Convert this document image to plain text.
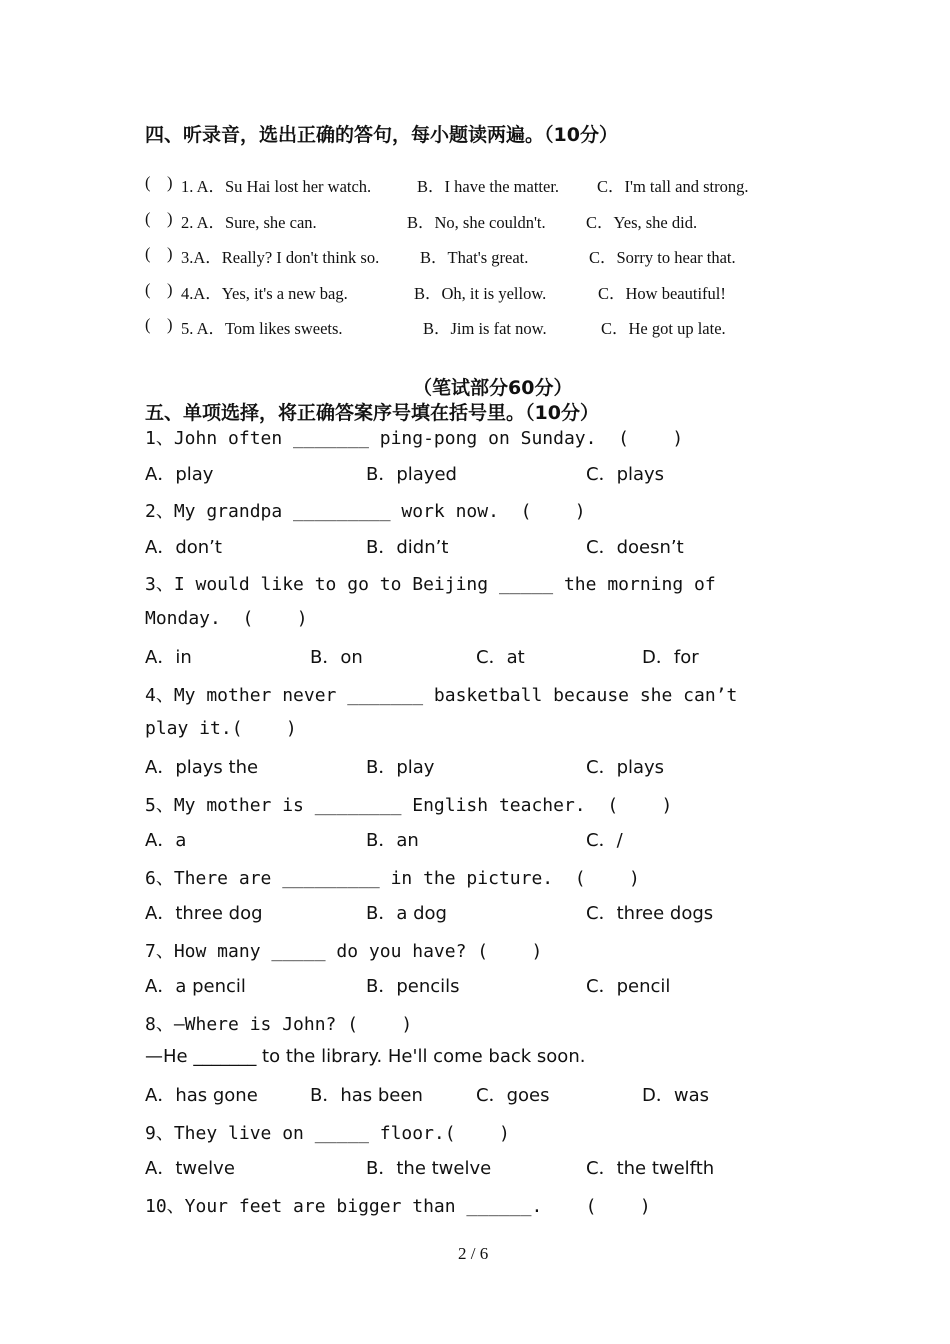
四、听录音，选出正确的答句，每小题读两遍。（10分）
(    ) 1. A．Su Hai lost her watch.	B．I have the matter. C．I'm tall and strong.
(    ) 2. A．Sure, she can.	B．No, she couldn't. C．Yes, she did.
(    ) 3.A．Really? I don't think so. B．That's great.	C．Sorry to hear that.
(    ) 4.A．Yes, it's a new bag.	B．Oh, it is yellow.	C．How beautiful!
(    ) 5. A．Tom likes sweets.	B．Jim is fat now.	C．He got up late.
（笔试部分60分）
五、单项选择，将正确答案序号填在括号里。（10分）
1、John often _______ ping-pong on Sunday.  (    )
A．play	B．played	C．plays
2、My grandpa _________ work now.  (    )
A．don’t	B．didn’t	C．doesn’t
3、I would like to go to Beijing _____ the morning of
Monday.  (    )
A．in	B．on	C．at	D．for
4、My mother never _______ basketball because she can’t
play it.(    )
A．plays the	B．play	C．plays
5、My mother is ________ English teacher.  (    )
A．a	B．an	C．/
6、There are _________ in the picture.  (    )
A．three dog	B．a dog	C．three dogs
7、How many _____ do you have? (    )
A．a pencil	B．pencils	C．pencil
8、—Where is John? (    )
—He _______ to the library. He'll come back soon.
A．has gone	B．has been	C．goes	D．was
9、They live on _____ floor.(    )
A．twelve	B．the twelve	C．the twelfth
10、Your feet are bigger than ______.    (    )
2 / 6
